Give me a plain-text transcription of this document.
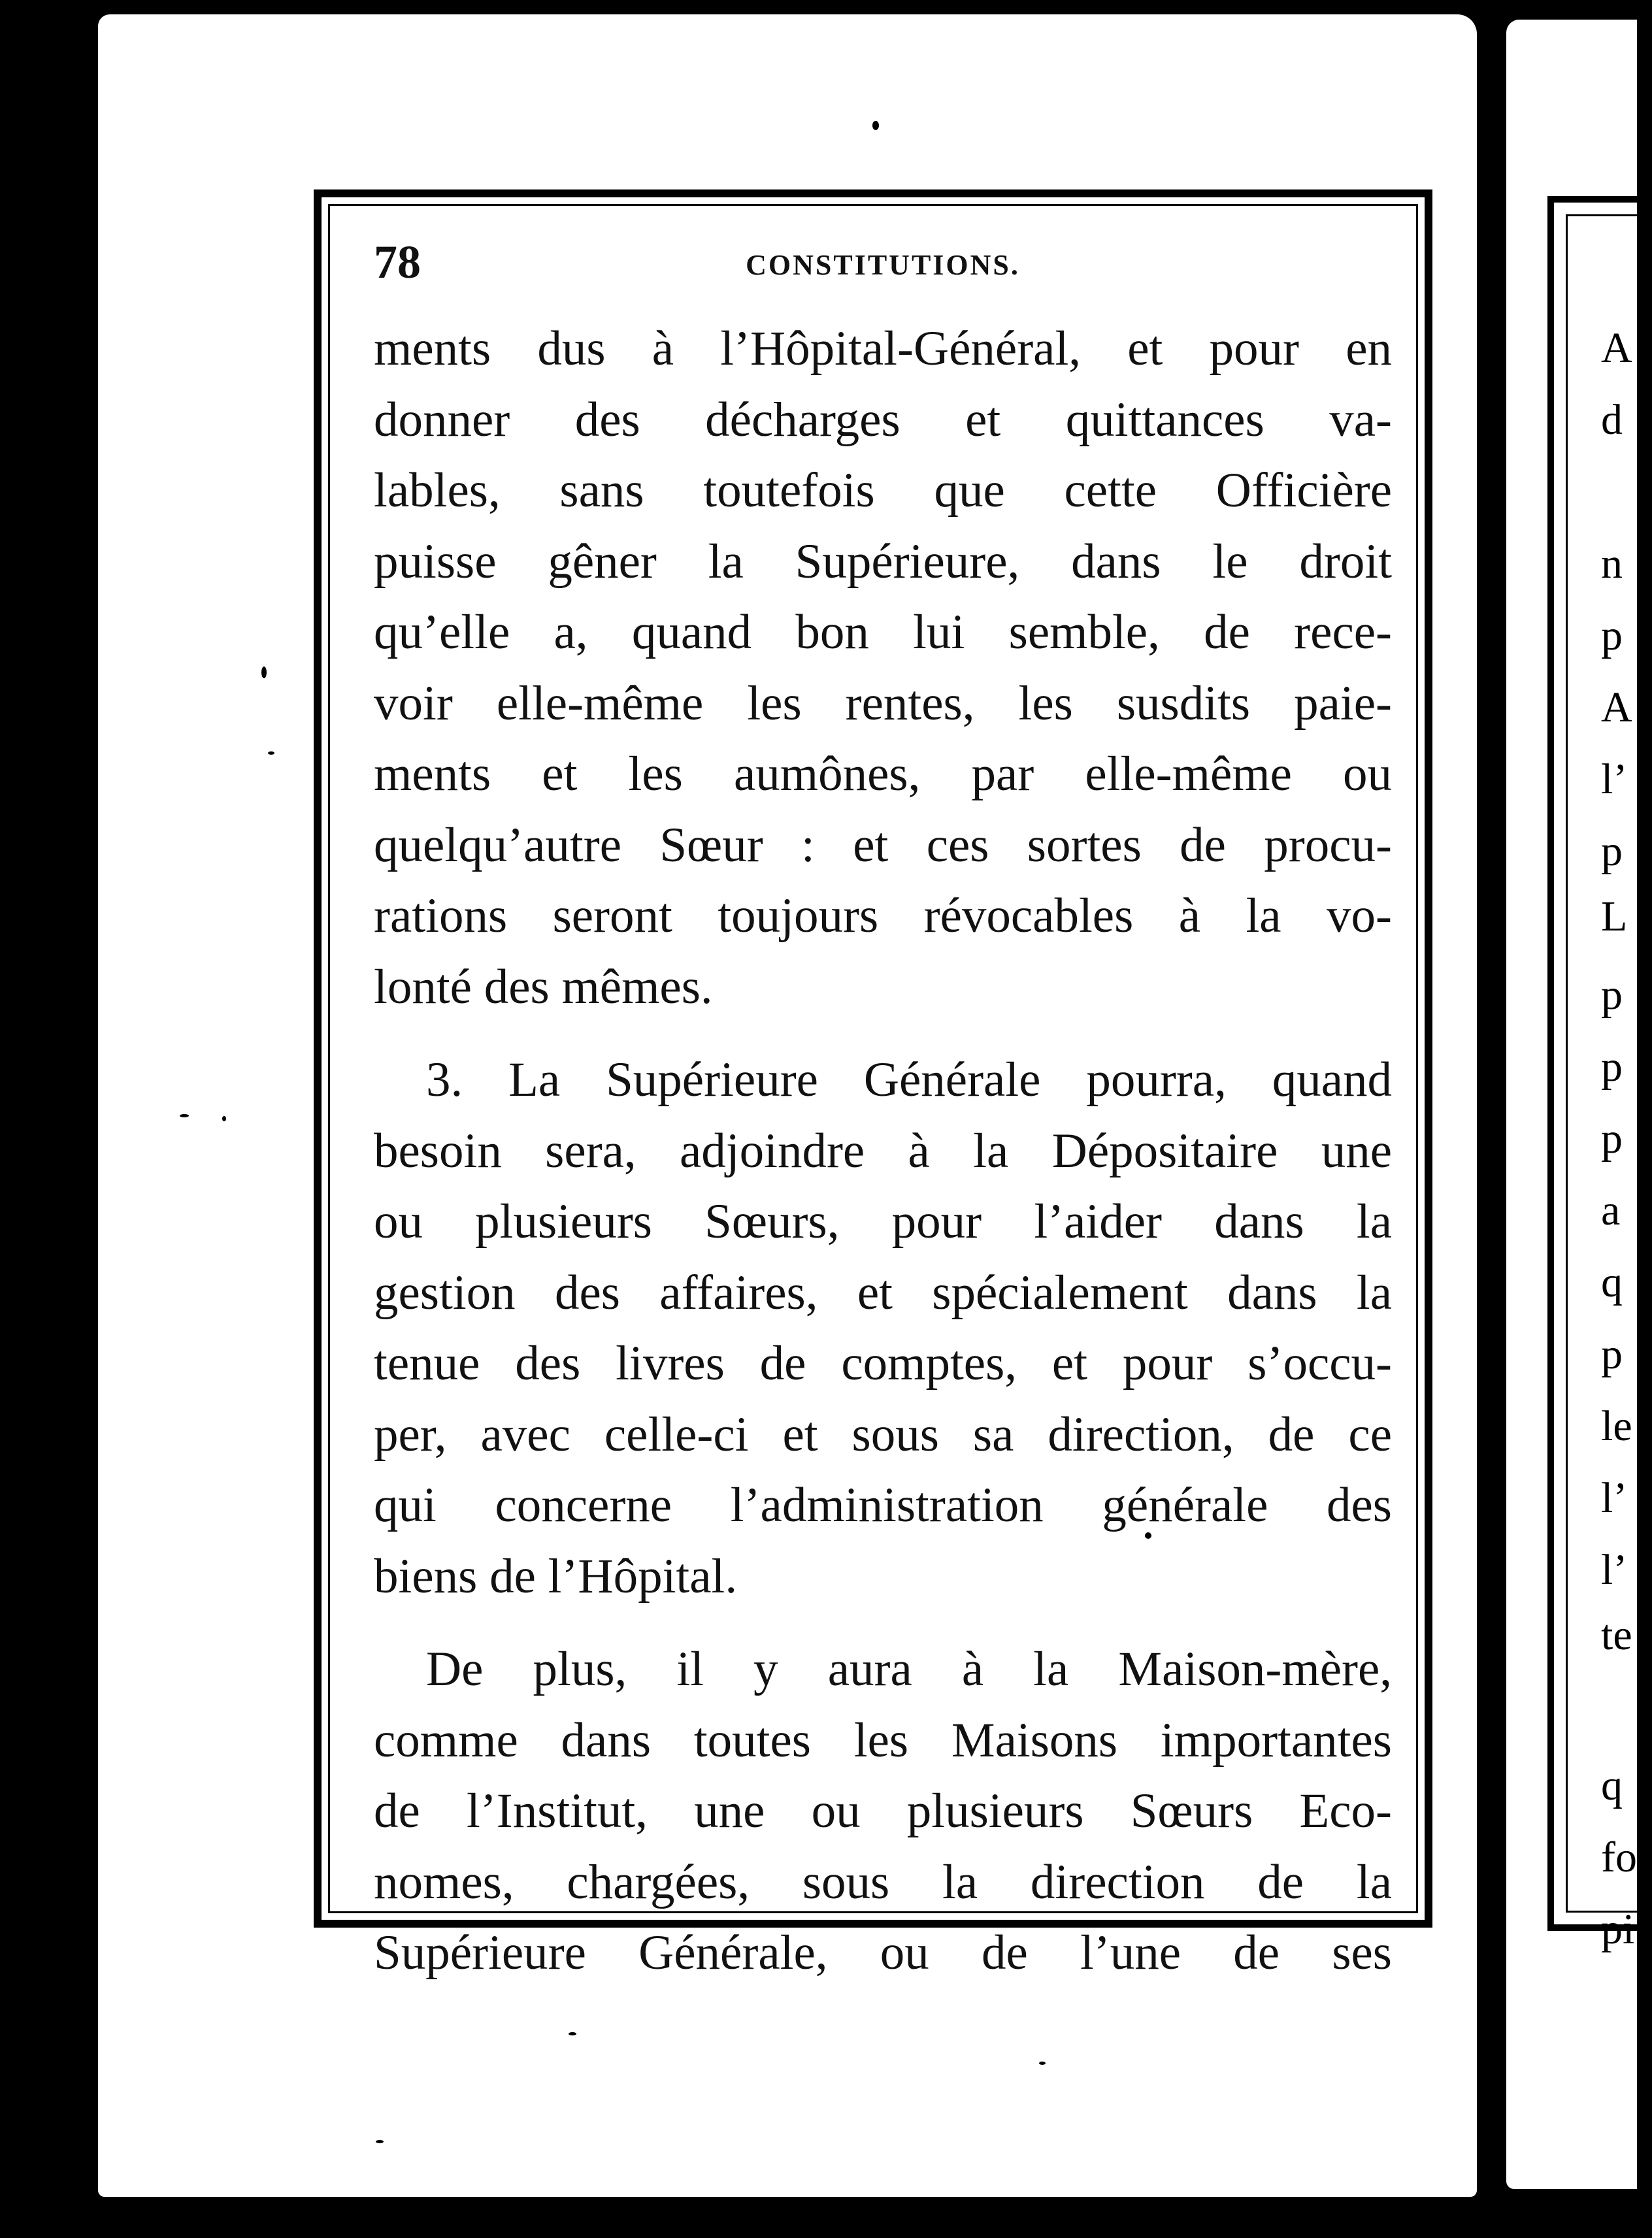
A
d
n
p
A
l’
p
L
p
p
p
a
q
p
le
l’
l’
te
q
fo
pi
78	CONSTITUTIONS.
ments dus à l’Hôpital-Général, et pour en
donner des décharges et quittances va-
lables, sans toutefois que cette Officière
puisse gêner la Supérieure, dans le droit
qu’elle a, quand bon lui semble, de rece-
voir elle-même les rentes, les susdits paie-
ments et les aumônes, par elle-même ou
quelqu’autre Sœur : et ces sortes de procu-
rations seront toujours révocables à la vo-
lonté des mêmes.
3. La Supérieure Générale pourra, quand
besoin sera, adjoindre à la Dépositaire une
ou plusieurs Sœurs, pour l’aider dans la
gestion des affaires, et spécialement dans la
tenue des livres de comptes, et pour s’occu-
per, avec celle-ci et sous sa direction, de ce
qui concerne l’administration générale des
biens de l’Hôpital.
De plus, il y aura à la Maison-mère,
comme dans toutes les Maisons importantes
de l’Institut, une ou plusieurs Sœurs Eco-
nomes, chargées, sous la direction de la
Supérieure Générale, ou de l’une de ses
